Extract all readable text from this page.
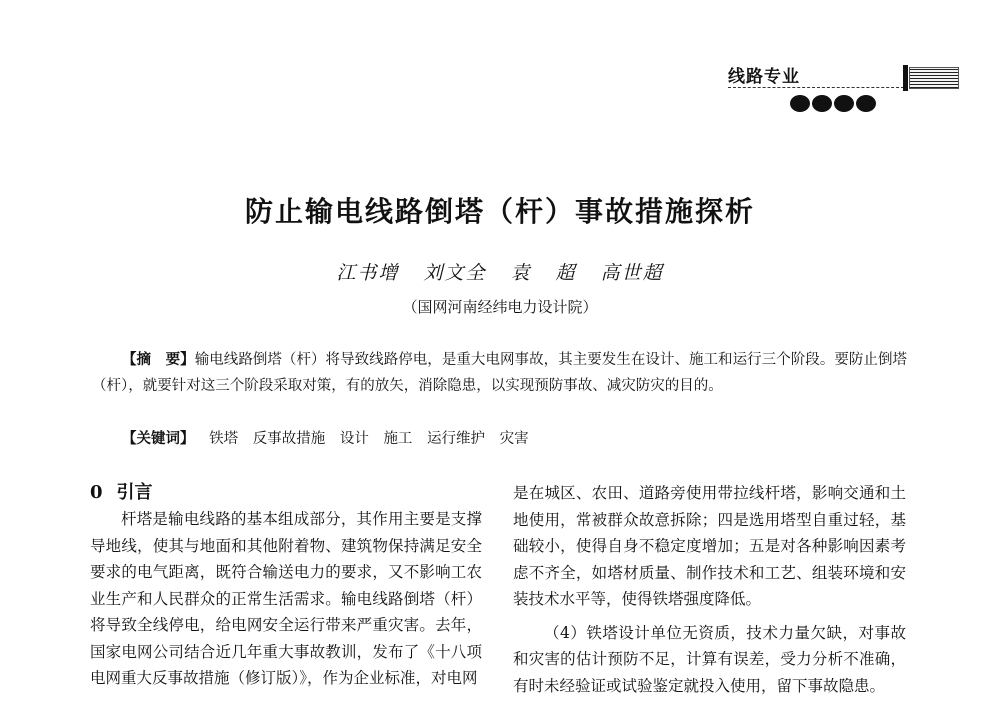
线路专业
防止输电线路倒塔（杆）事故措施探析
江书增 刘文全 袁 超 高世超
（国网河南经纬电力设计院）
【摘　要】输电线路倒塔（杆）将导致线路停电，是重大电网事故，其主要发生在设计、施工和运行三个阶段。要防止倒塔（杆），就要针对这三个阶段采取对策，有的放矢，消除隐患，以实现预防事故、减灾防灾的目的。
【关键词】 铁塔 反事故措施 设计 施工 运行维护 灾害
0 引言

杆塔是输电线路的基本组成部分，其作用主要是支撑导地线，使其与地面和其他附着物、建筑物保持满足安全要求的电气距离，既符合输送电力的要求，又不影响工农业生产和人民群众的正常生活需求。输电线路倒塔（杆）将导致全线停电，给电网安全运行带来严重灾害。去年，国家电网公司结合近几年重大事故教训，发布了《十八项电网重大反事故措施（修订版）》，作为企业标准，对电网

是在城区、农田、道路旁使用带拉线杆塔，影响交通和土地使用，常被群众故意拆除；四是选用塔型自重过轻，基础较小，使得自身不稳定度增加；五是对各种影响因素考虑不齐全，如塔材质量、制作技术和工艺、组装环境和安装技术水平等，使得铁塔强度降低。

（4）铁塔设计单位无资质，技术力量欠缺，对事故和灾害的估计预防不足，计算有误差，受力分析不准确，有时未经验证或试验鉴定就投入使用，留下事故隐患。
